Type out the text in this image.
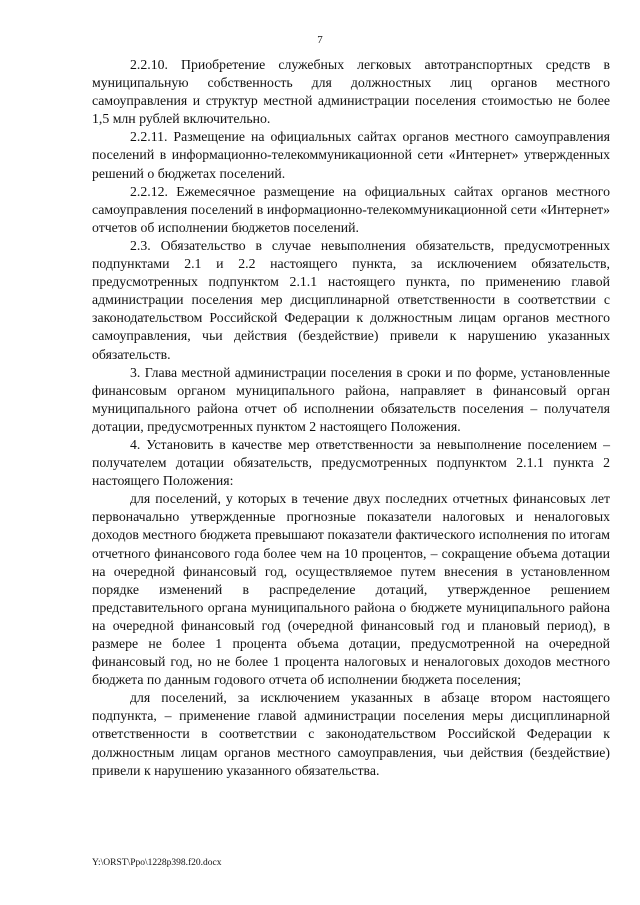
7

2.2.10. Приобретение служебных легковых автотранспортных средств в муниципальную собственность для должностных лиц органов местного самоуправления и структур местной администрации поселения стоимостью не более 1,5 млн рублей включительно.

2.2.11. Размещение на официальных сайтах органов местного самоуправления поселений в информационно-телекоммуникационной сети «Интернет» утвержденных решений о бюджетах поселений.

2.2.12. Ежемесячное размещение на официальных сайтах органов местного самоуправления поселений в информационно-телекоммуникационной сети «Интернет» отчетов об исполнении бюджетов поселений.

2.3. Обязательство в случае невыполнения обязательств, предусмотренных подпунктами 2.1 и 2.2 настоящего пункта, за исключением обязательств, предусмотренных подпунктом 2.1.1 настоящего пункта, по применению главой администрации поселения мер дисциплинарной ответственности в соответствии с законодательством Российской Федерации к должностным лицам органов местного самоуправления, чьи действия (бездействие) привели к нарушению указанных обязательств.

3. Глава местной администрации поселения в сроки и по форме, установленные финансовым органом муниципального района, направляет в финансовый орган муниципального района отчет об исполнении обязательств поселения – получателя дотации, предусмотренных пунктом 2 настоящего Положения.

4. Установить в качестве мер ответственности за невыполнение поселением – получателем дотации обязательств, предусмотренных подпунктом 2.1.1 пункта 2 настоящего Положения:

для поселений, у которых в течение двух последних отчетных финансовых лет первоначально утвержденные прогнозные показатели налоговых и неналоговых доходов местного бюджета превышают показатели фактического исполнения по итогам отчетного финансового года более чем на 10 процентов, – сокращение объема дотации на очередной финансовый год, осуществляемое путем внесения в установленном порядке изменений в распределение дотаций, утвержденное решением представительного органа муниципального района о бюджете муниципального района на очередной финансовый год (очередной финансовый год и плановый период), в размере не более 1 процента объема дотации, предусмотренной на очередной финансовый год, но не более 1 процента налоговых и неналоговых доходов местного бюджета по данным годового отчета об исполнении бюджета поселения;

для поселений, за исключением указанных в абзаце втором настоящего подпункта, – применение главой администрации поселения меры дисциплинарной ответственности в соответствии с законодательством Российской Федерации к должностным лицам органов местного самоуправления, чьи действия (бездействие) привели к нарушению указанного обязательства.

Y:\ORST\Ppo\1228p398.f20.docx
